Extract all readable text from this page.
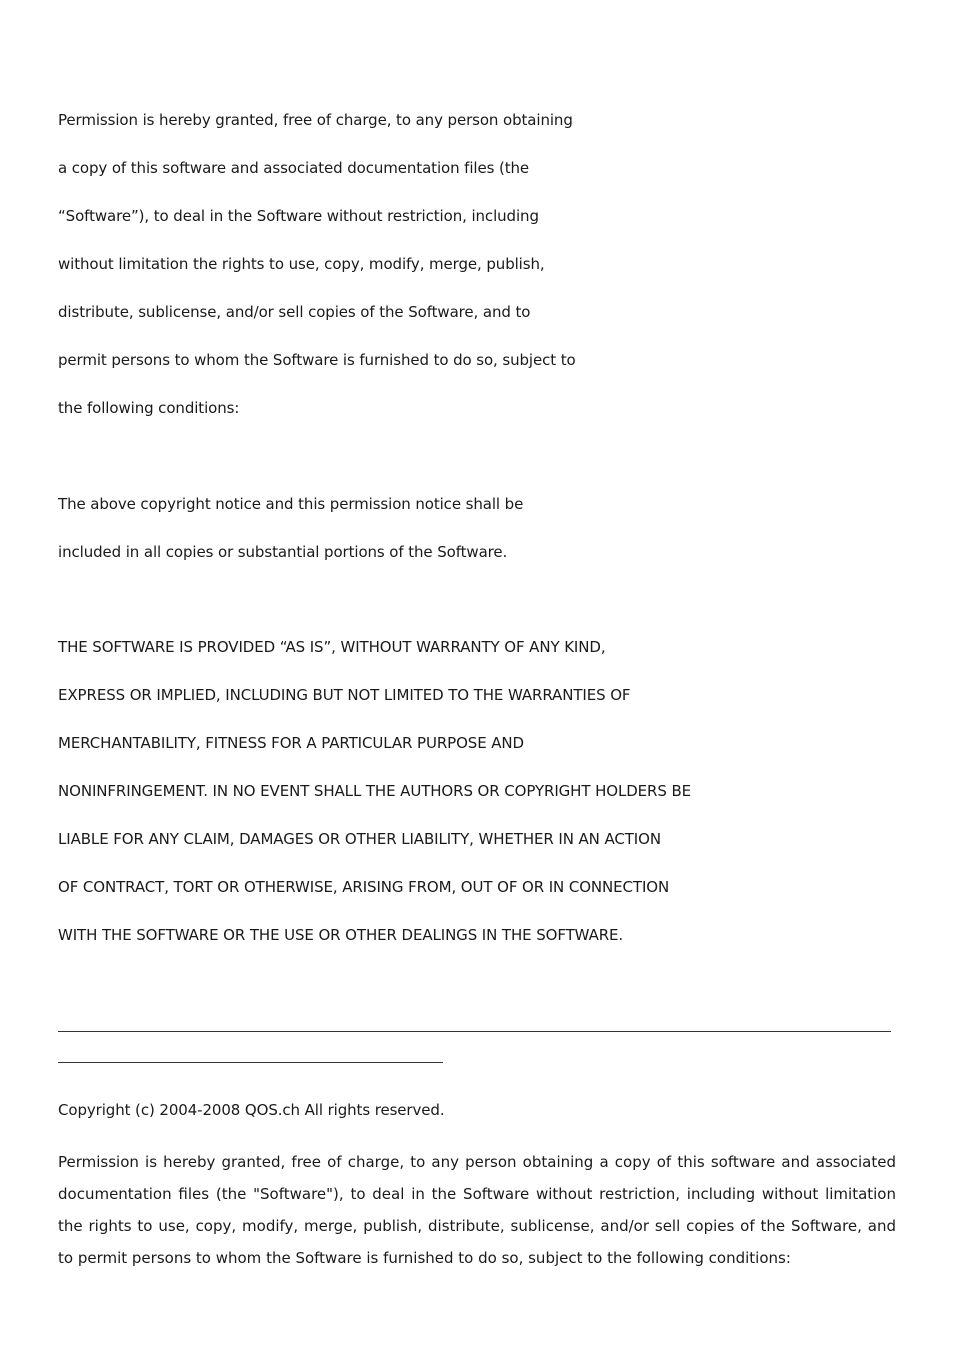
Permission is hereby granted, free of charge, to any person obtaining
a copy of this software and associated documentation files (the
“Software”), to deal in the Software without restriction, including
without limitation the rights to use, copy, modify, merge, publish,
distribute, sublicense, and/or sell copies of the Software, and to
permit persons to whom the Software is furnished to do so, subject to
the following conditions:
The above copyright notice and this permission notice shall be
included in all copies or substantial portions of the Software.
THE SOFTWARE IS PROVIDED “AS IS”, WITHOUT WARRANTY OF ANY KIND,
EXPRESS OR IMPLIED, INCLUDING BUT NOT LIMITED TO THE WARRANTIES OF
MERCHANTABILITY, FITNESS FOR A PARTICULAR PURPOSE AND
NONINFRINGEMENT. IN NO EVENT SHALL THE AUTHORS OR COPYRIGHT HOLDERS BE
LIABLE FOR ANY CLAIM, DAMAGES OR OTHER LIABILITY, WHETHER IN AN ACTION
OF CONTRACT, TORT OR OTHERWISE, ARISING FROM, OUT OF OR IN CONNECTION
WITH THE SOFTWARE OR THE USE OR OTHER DEALINGS IN THE SOFTWARE.
Copyright (c) 2004-2008 QOS.ch All rights reserved.
Permission is hereby granted, free of charge, to any person obtaining a copy of this software and associated documentation files (the "Software"), to deal in the Software without restriction, including without limitation the rights to use, copy, modify, merge, publish, distribute, sublicense, and/or sell copies of the Software, and to permit persons to whom the Software is furnished to do so, subject to the following conditions:
